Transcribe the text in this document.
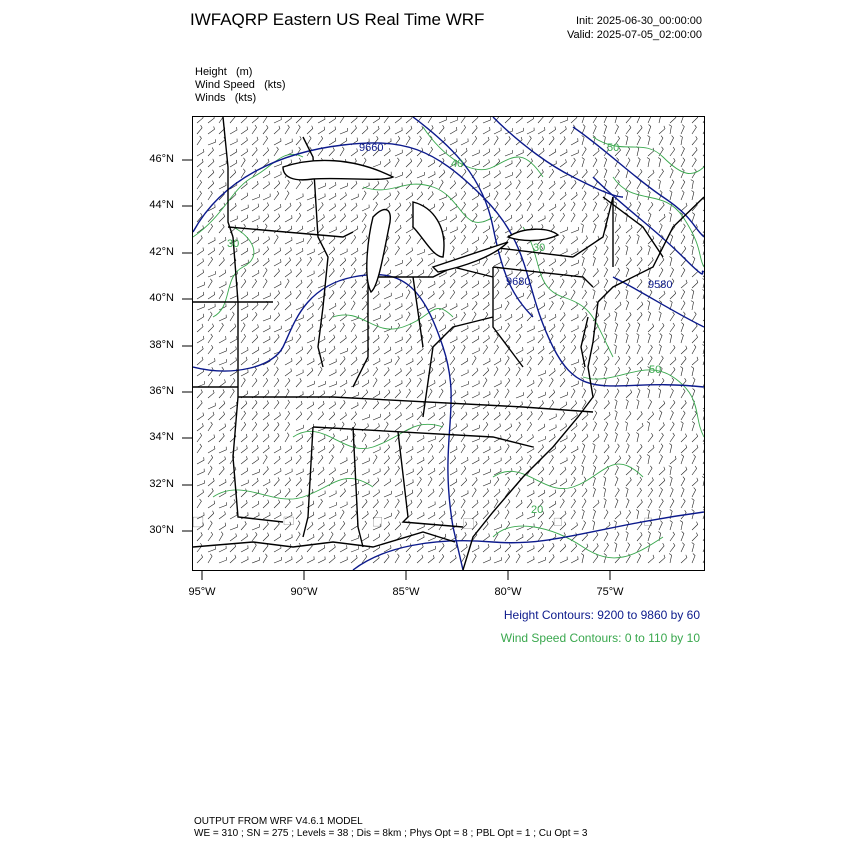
IWFAQRP Eastern US Real Time WRF	Init: 2025-06-30_00:00:00
Valid: 2025-07-05_02:00:00
Height (m)
Wind Speed (kts)
Winds (kts)
9660
9680	9580
40
50
30	30
50
20
46°N
44°N
42°N
40°N
38°N
36°N
34°N
32°N
30°N
95°W	90°W	85°W	80°W	75°W
Height Contours: 9200 to 9860 by 60
Wind Speed Contours: 0 to 110 by 10
OUTPUT FROM WRF V4.6.1 MODEL
WE = 310 ; SN = 275 ; Levels = 38 ; Dis = 8km ; Phys Opt = 8 ; PBL Opt = 1 ; Cu Opt = 3
